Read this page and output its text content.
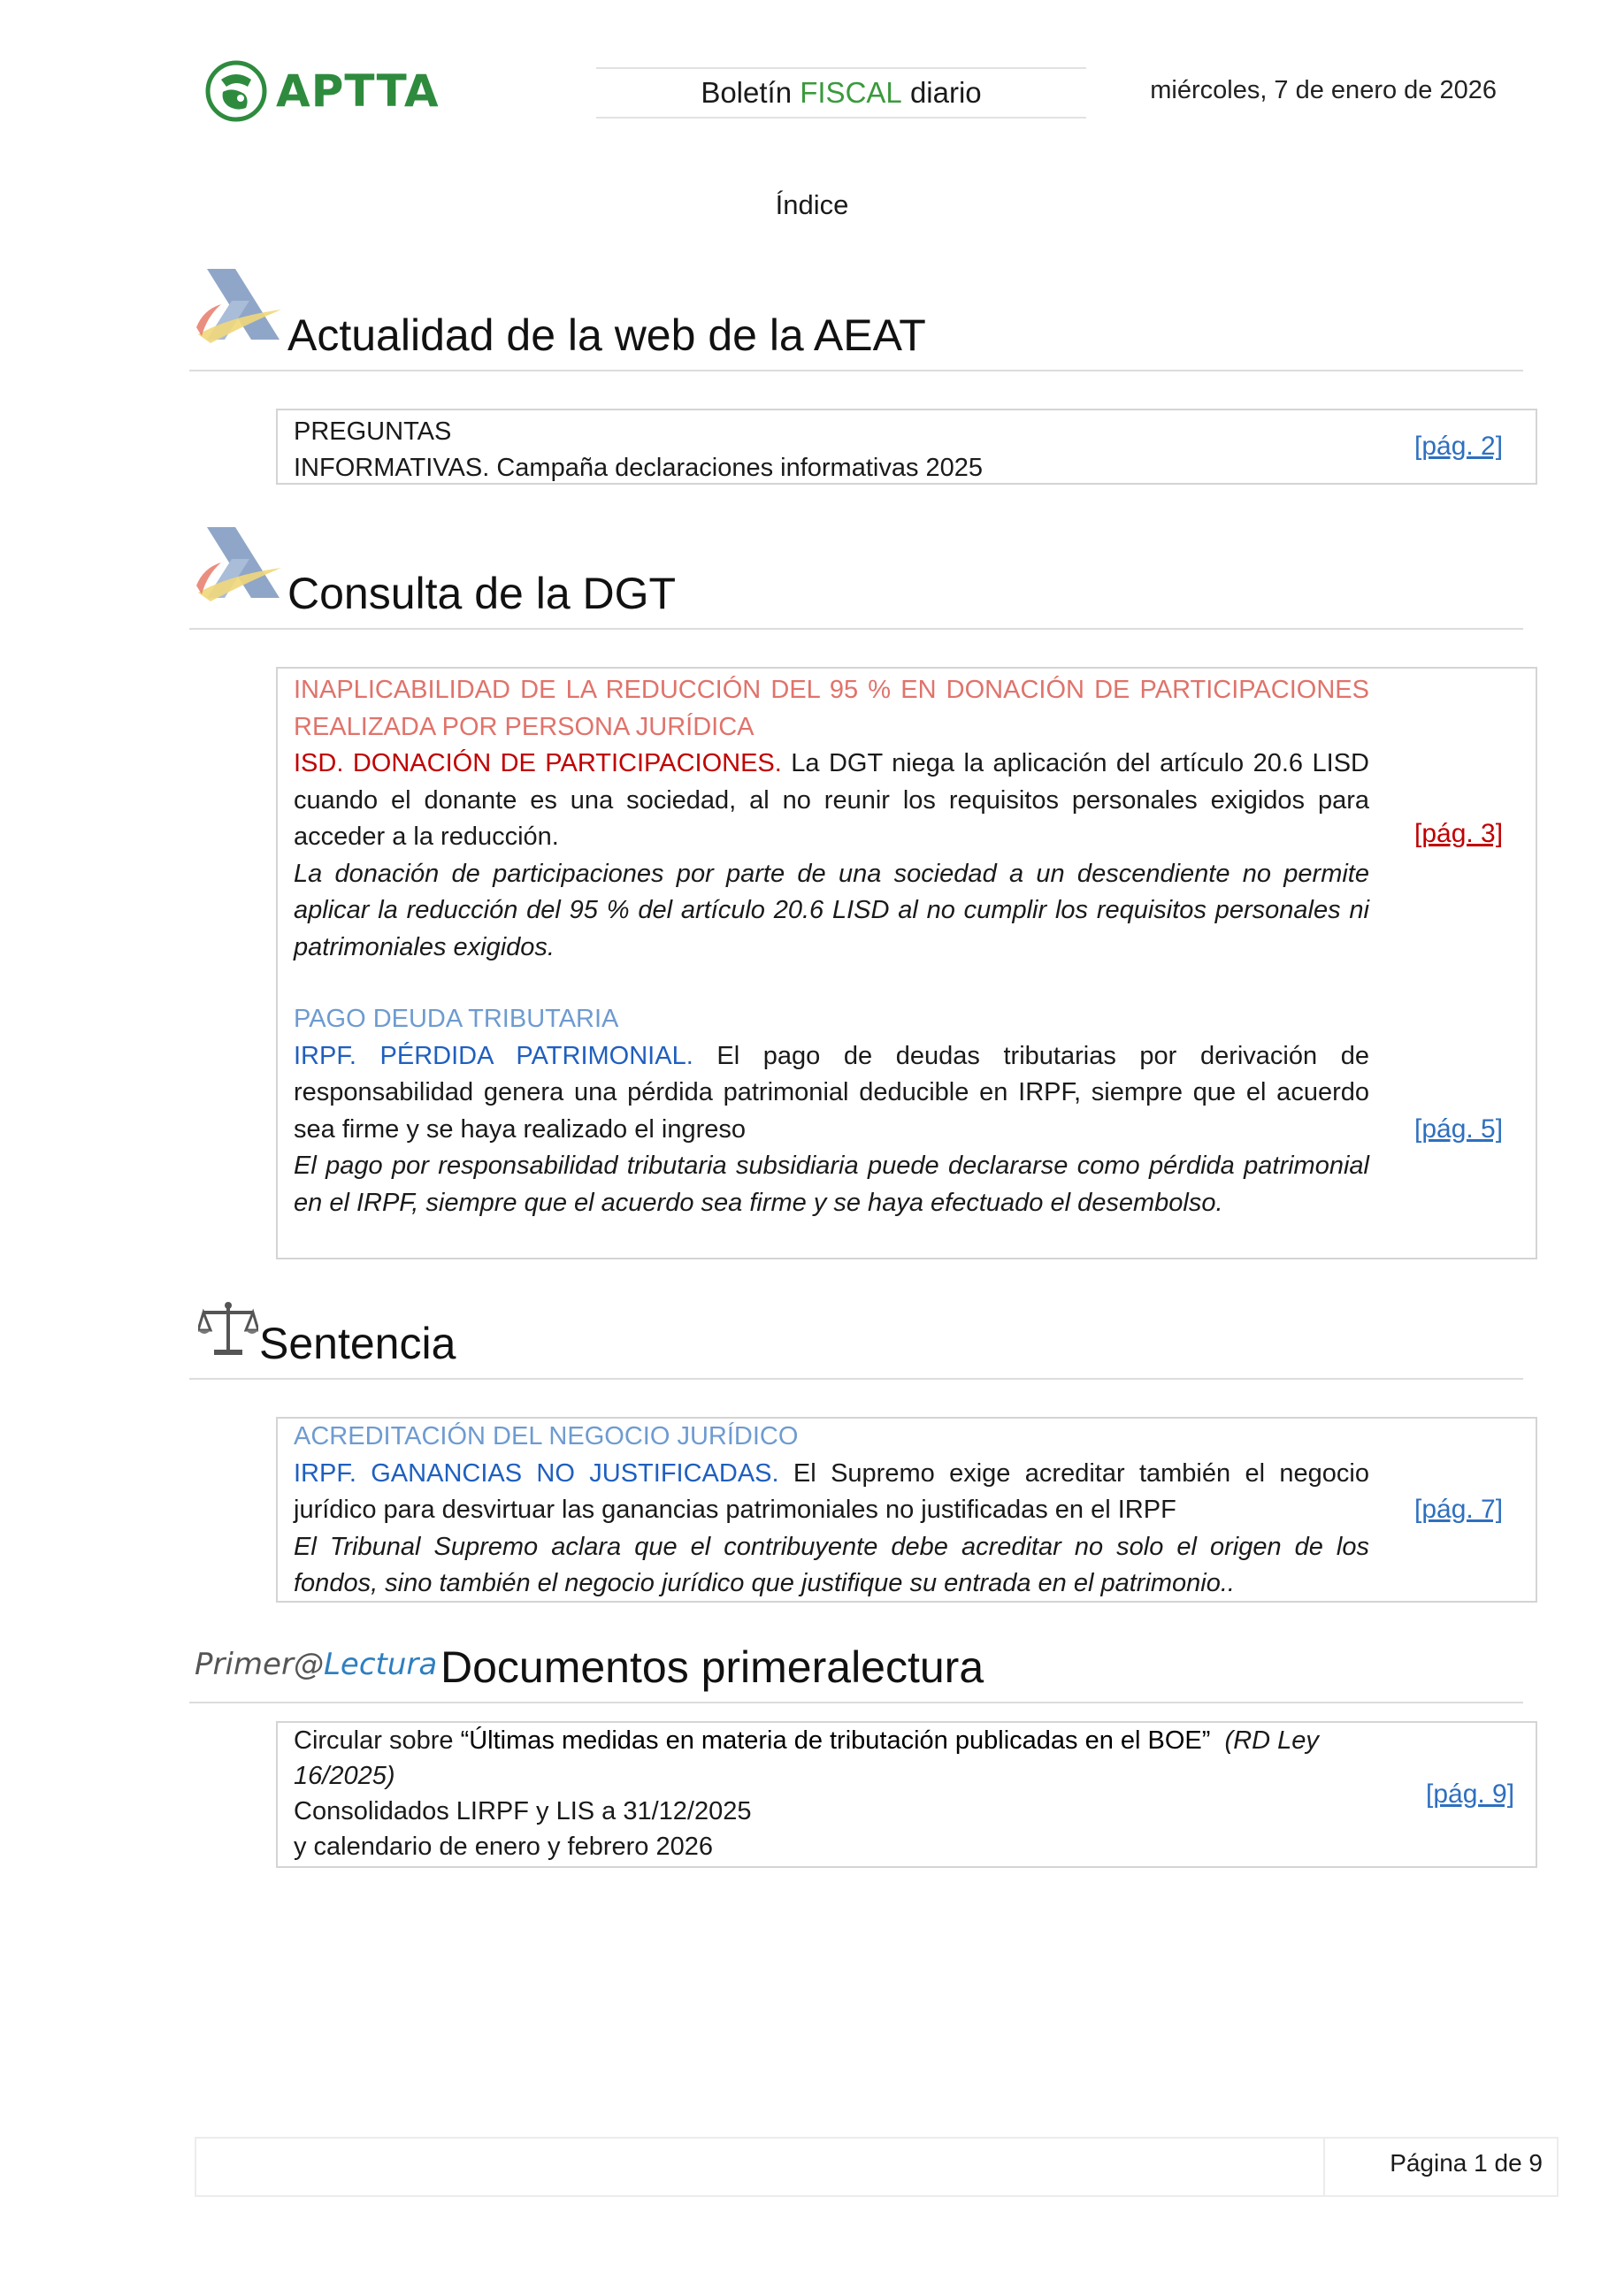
APTTA	Boletín FISCAL diario	miércoles, 7 de enero de 2026
Índice
Actualidad de la web de la AEAT
PREGUNTAS
INFORMATIVAS. Campaña declaraciones informativas 2025
[pág. 2]
Consulta de la DGT
INAPLICABILIDAD DE LA REDUCCIÓN DEL 95 % EN DONACIÓN DE PARTICIPACIONES REALIZADA POR PERSONA JURÍDICA
ISD. DONACIÓN DE PARTICIPACIONES. La DGT niega la aplicación del artículo 20.6 LISD cuando el donante es una sociedad, al no reunir los requisitos personales exigidos para acceder a la reducción.
La donación de participaciones por parte de una sociedad a un descendiente no permite aplicar la reducción del 95 % del artículo 20.6 LISD al no cumplir los requisitos personales ni patrimoniales exigidos.
[pág. 3]
PAGO DEUDA TRIBUTARIA
IRPF. PÉRDIDA PATRIMONIAL. El pago de deudas tributarias por derivación de responsabilidad genera una pérdida patrimonial deducible en IRPF, siempre que el acuerdo sea firme y se haya realizado el ingreso
El pago por responsabilidad tributaria subsidiaria puede declararse como pérdida patrimonial en el IRPF, siempre que el acuerdo sea firme y se haya efectuado el desembolso.
[pág. 5]
Sentencia
ACREDITACIÓN DEL NEGOCIO JURÍDICO
IRPF. GANANCIAS NO JUSTIFICADAS. El Supremo exige acreditar también el negocio jurídico para desvirtuar las ganancias patrimoniales no justificadas en el IRPF
El Tribunal Supremo aclara que el contribuyente debe acreditar no solo el origen de los fondos, sino también el negocio jurídico que justifique su entrada en el patrimonio..
[pág. 7]
Primer@Lectura Documentos primeralectura
Circular sobre “Últimas medidas en materia de tributación publicadas en el BOE” (RD Ley 16/2025)
Consolidados LIRPF y LIS a 31/12/2025
y calendario de enero y febrero 2026
[pág. 9]
Página 1 de 9
